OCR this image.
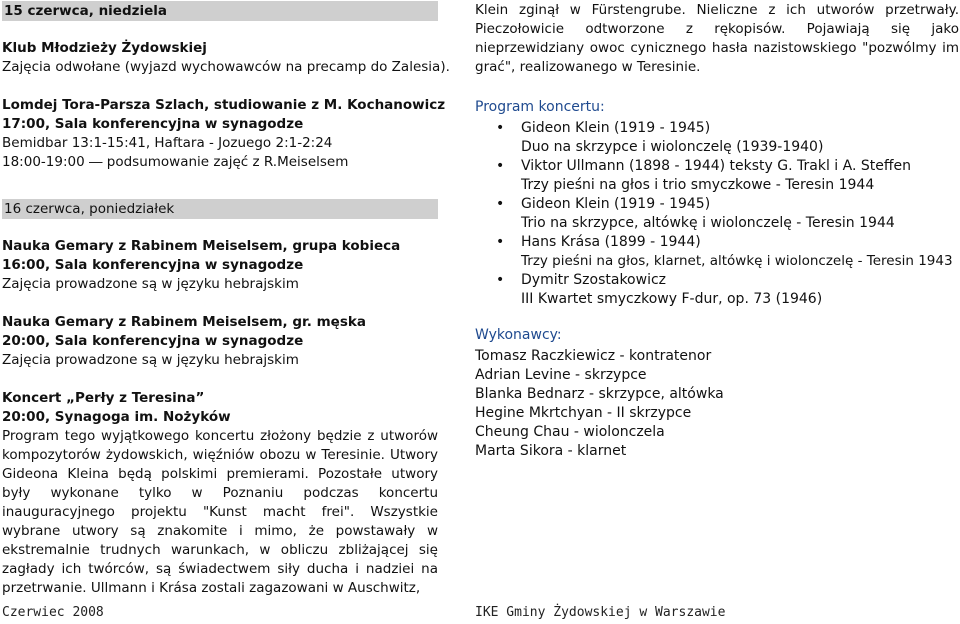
15 czerwca, niedziela
Klub Młodzieży Żydowskiej
Zajęcia odwołane (wyjazd wychowawców na precamp do Zalesia).
Lomdej Tora-Parsza Szlach, studiowanie z M. Kochanowicz
17:00, Sala konferencyjna w synagodze
Bemidbar 13:1-15:41, Haftara - Jozuego 2:1-2:24
18:00-19:00 ― podsumowanie zajęć z R.Meiselsem
16 czerwca, poniedziałek
Nauka Gemary z Rabinem Meiselsem, grupa kobieca
16:00, Sala konferencyjna w synagodze
Zajęcia prowadzone są w języku hebrajskim
Nauka Gemary z Rabinem Meiselsem, gr. męska
20:00, Sala konferencyjna w synagodze
Zajęcia prowadzone są w języku hebrajskim
Koncert „Perły z Teresina”
20:00, Synagoga im. Nożyków
Program tego wyjątkowego koncertu złożony będzie z utworów kompozytorów żydowskich, więźniów obozu w Teresinie. Utwory Gideona Kleina będą polskimi premierami. Pozostałe utwory były wykonane tylko w Poznaniu podczas koncertu inauguracyjnego projektu "Kunst macht frei". Wszystkie wybrane utwory są znakomite i mimo, że powstawały w ekstremalnie trudnych warunkach, w obliczu zbliżającej się zagłady ich twórców, są świadectwem siły ducha i nadziei na przetrwanie. Ullmann i Krása zostali zagazowani w Auschwitz,
Klein zginął w Fürstengrube. Nieliczne z ich utworów przetrwały. Pieczołowicie odtworzone z rękopisów. Pojawiają się jako nieprzewidziany owoc cynicznego hasła nazistowskiego "pozwólmy im grać", realizowanego w Teresinie.
Program koncertu:
• Gideon Klein (1919 - 1945)
Duo na skrzypce i wiolonczelę (1939-1940)
• Viktor Ullmann (1898 - 1944) teksty G. Trakl i A. Steffen
Trzy pieśni na głos i trio smyczkowe - Teresin 1944
• Gideon Klein (1919 - 1945)
Trio na skrzypce, altówkę i wiolonczelę - Teresin 1944
• Hans Krása (1899 - 1944)
Trzy pieśni na głos, klarnet, altówkę i wiolonczelę - Teresin 1943
• Dymitr Szostakowicz
III Kwartet smyczkowy F-dur, op. 73 (1946)
Wykonawcy:
Tomasz Raczkiewicz - kontratenor
Adrian Levine - skrzypce
Blanka Bednarz - skrzypce, altówka
Hegine Mkrtchyan - II skrzypce
Cheung Chau - wiolonczela
Marta Sikora - klarnet
Czerwiec 2008	IKE Gminy Żydowskiej w Warszawie
